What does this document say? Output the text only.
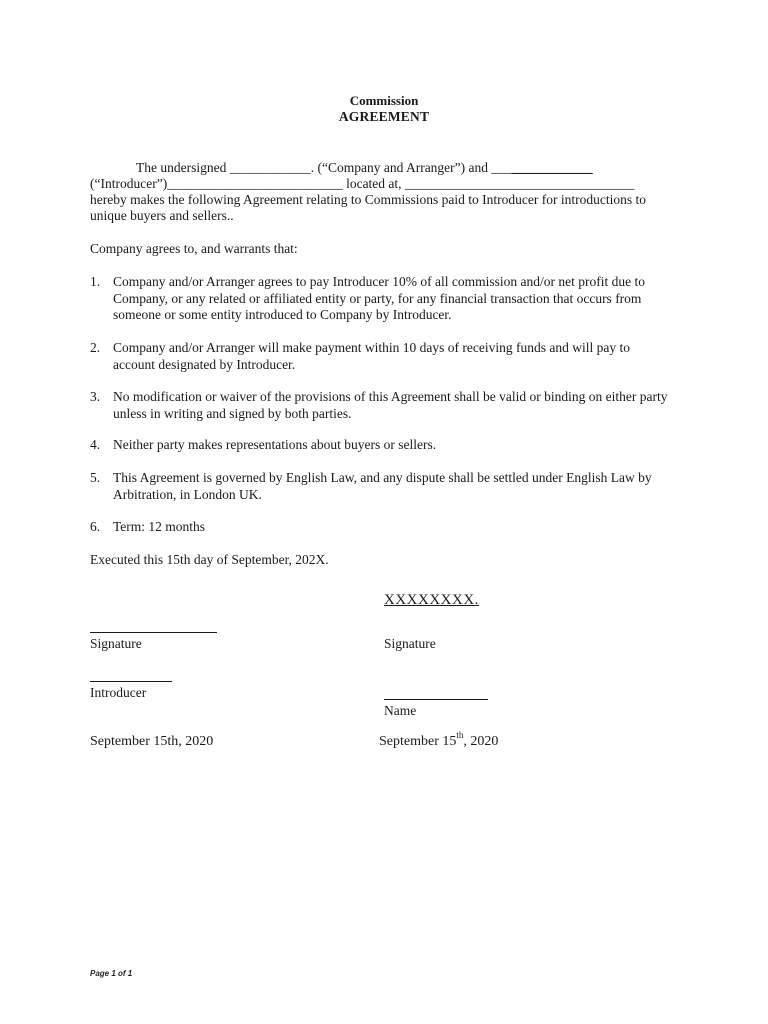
Commission
AGREEMENT
The undersigned ____________. (“Company and Arranger”) and _______________
(“Introducer”)__________________________ located at, __________________________________
hereby makes the following Agreement relating to Commissions paid to Introducer for introductions to
unique buyers and sellers..
Company agrees to, and warrants that:
1. Company and/or Arranger agrees to pay Introducer 10% of all commission and/or net profit due to Company, or any related or affiliated entity or party, for any financial transaction that occurs from someone or some entity introduced to Company by Introducer.
2. Company and/or Arranger will make payment within 10 days of receiving funds and will pay to account designated by Introducer.
3. No modification or waiver of the provisions of this Agreement shall be valid or binding on either party unless in writing and signed by both parties.
4. Neither party makes representations about buyers or sellers.
5. This Agreement is governed by English Law, and any dispute shall be settled under English Law by Arbitration, in London UK.
6. Term: 12 months
Executed this 15th day of September, 202X.
XXXXXXXX.
Signature
Introducer
September 15th, 2020
Signature
Name
September 15th, 2020
Page 1 of 1
